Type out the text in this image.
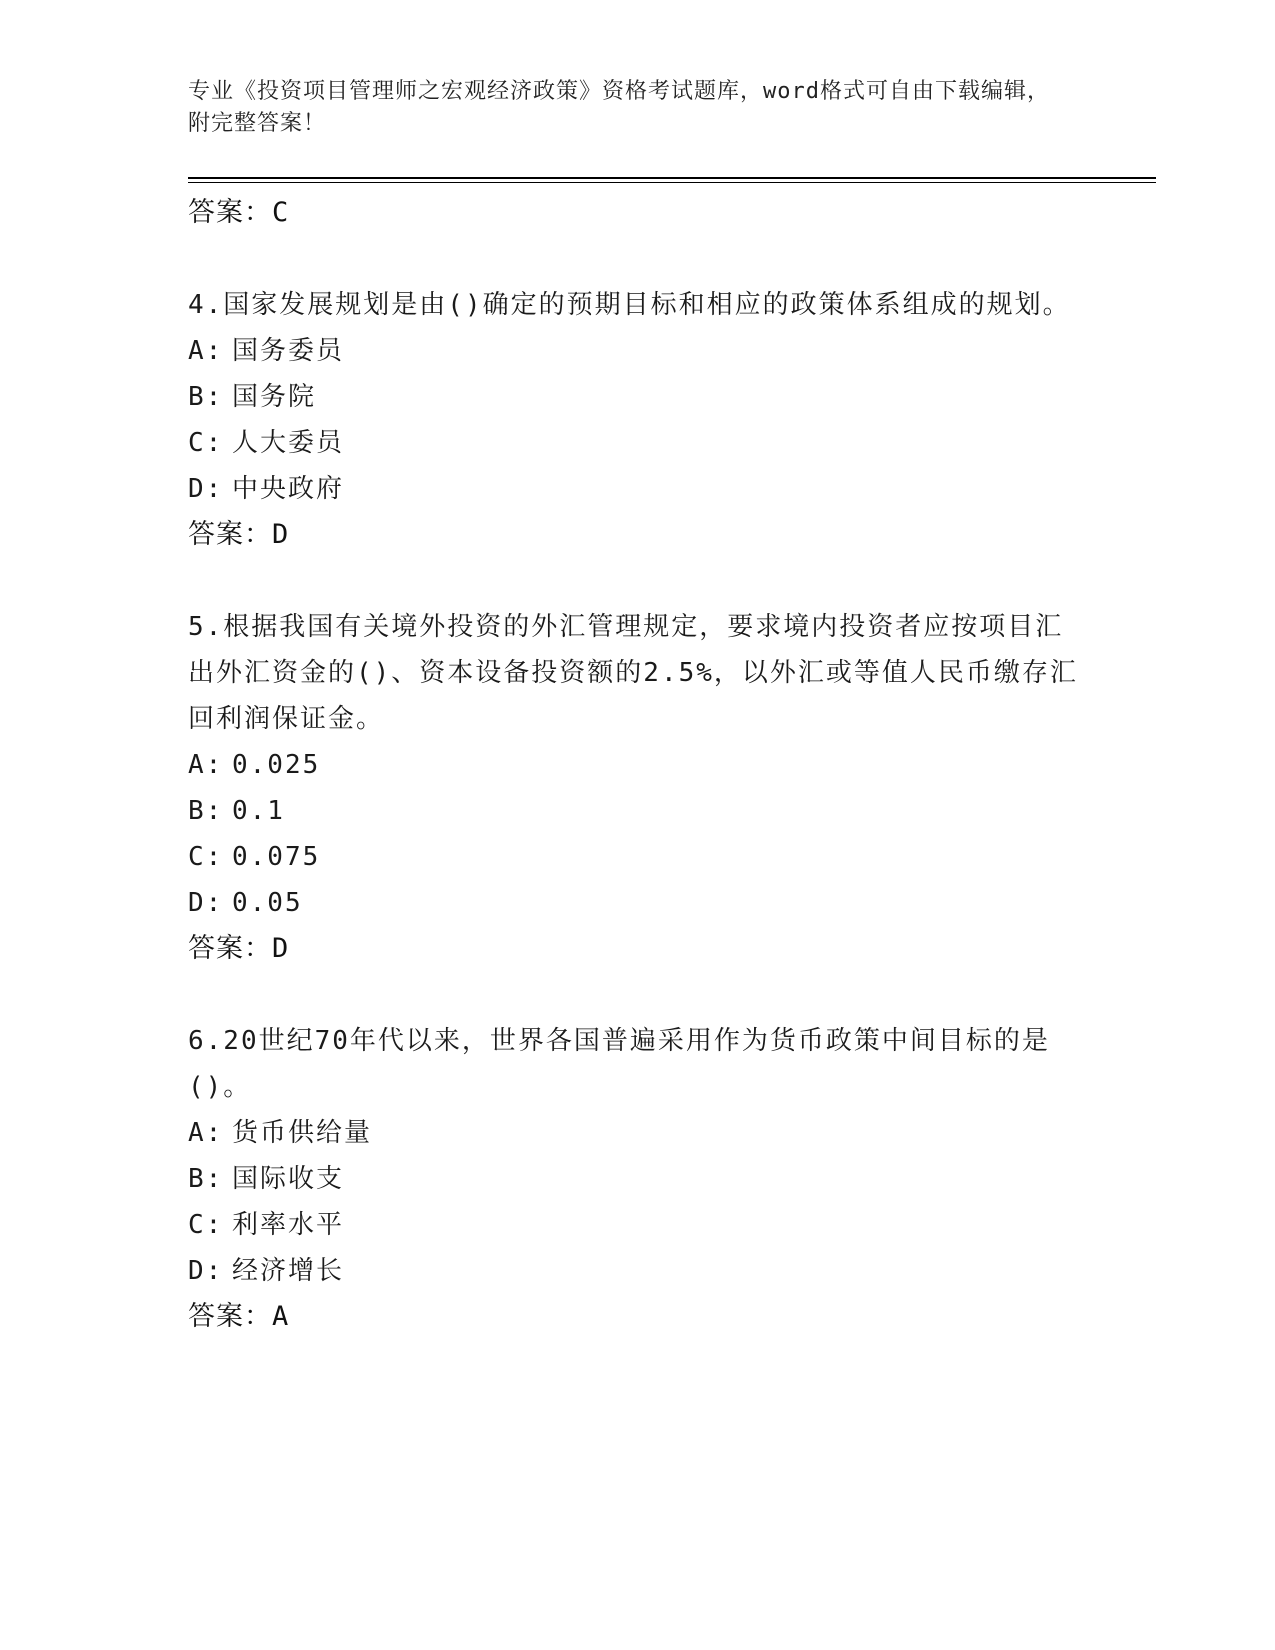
专业《投资项目管理师之宏观经济政策》资格考试题库，word格式可自由下载编辑，附完整答案！
答案：C
4.国家发展规划是由()确定的预期目标和相应的政策体系组成的规划。
A: 国务委员
B: 国务院
C: 人大委员
D: 中央政府
答案：D
5.根据我国有关境外投资的外汇管理规定，要求境内投资者应按项目汇出外汇资金的()、资本设备投资额的2.5%，以外汇或等值人民币缴存汇回利润保证金。
A: 0.025
B: 0.1
C: 0.075
D: 0.05
答案：D
6.20世纪70年代以来，世界各国普遍采用作为货币政策中间目标的是()。
A: 货币供给量
B: 国际收支
C: 利率水平
D: 经济增长
答案：A
